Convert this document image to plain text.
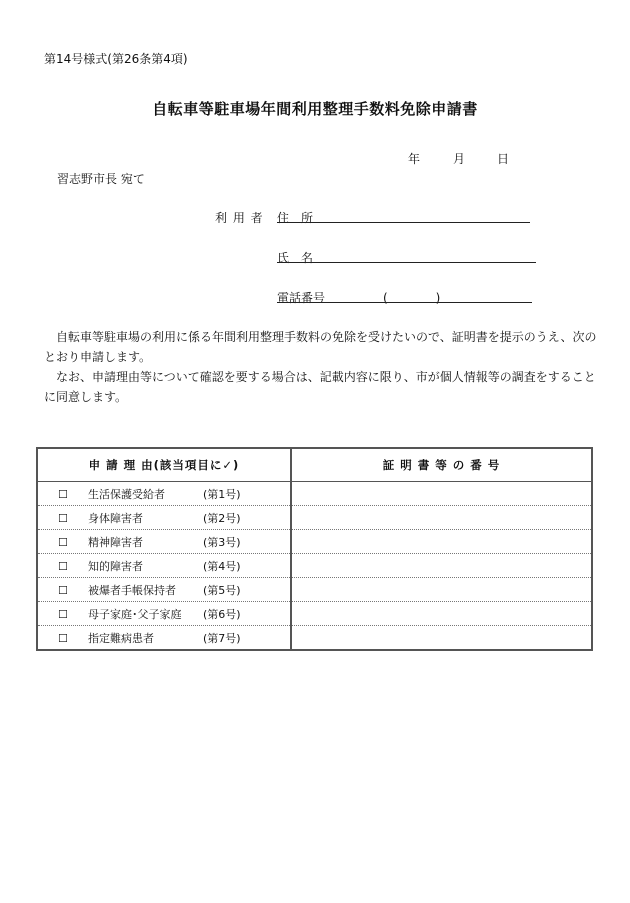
第14号様式(第26条第4項)
自転車等駐車場年間利用整理手数料免除申請書
年	月	日
習志野市長 宛て
利 用 者 住　所
氏　名
電話番号	(　　　　)
自転車等駐車場の利用に係る年間利用整理手数料の免除を受けたいので、証明書を提示のうえ、次のとおり申請します。
なお、申請理由等について確認を要する場合は、記載内容に限り、市が個人情報等の調査をすることに同意します。
申 請 理 由(該当項目に✓)	証 明 書 等 の 番 号
☐ 生活保護受給者 (第1号)	
☐ 身体障害者 (第2号)	
☐ 精神障害者 (第3号)	
☐ 知的障害者 (第4号)	
☐ 被爆者手帳保持者 (第5号)	
☐ 母子家庭･父子家庭 (第6号)	
☐ 指定難病患者 (第7号)	
